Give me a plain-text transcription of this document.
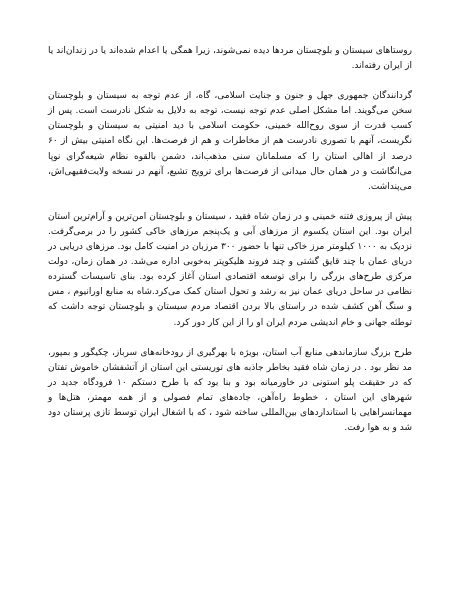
روستاهای سیستان و بلوچستان مردها دیده نمی‌شوند، زیرا همگی یا اعدام شده‌اند یا در زندان‌اند یا از ایران رفته‌اند.

گردانندگان جمهوری جهل و جنون و جنایت اسلامی، گاه، از عدم توجه به سیستان و بلوچستان سخن می‌گویند. اما مشکل اصلی عدم توجه نیست، توجه به دلایل به شکل نادرست است. پس از کسب قدرت از سوی روح‌الله خمینی، حکومت اسلامی با دید امنیتی به سیستان و بلوچستان نگریست، آنهم با تصوری نادرست هم از مخاطرات و هم از فرصت‌ها. این نگاه امنیتی بیش از ۶۰ درصد از اهالی استان را که مسلمانان سنی مذهب‌اند، دشمن بالقوه نظام شیعه‌گرای نوپا می‌انگاشت و در همان حال میدانی از فرصت‌ها برای ترویج تشیع، آنهم در نسخه ولایت‌فقیهی‌اش، می‌پنداشت.

پیش از پیروزی فتنه خمینی و در زمان شاه فقید ، سیستان و بلوچستان امن‌ترین و آرام‌ترین استان ایران بود. این استان یکسوم از مرزهای آبی و یک‌پنجم مرزهای خاکی کشور را در برمی‌گرفت. نزدیک به ۱۰۰۰ کیلومتر مرز خاکی تنها با حضور ۳۰۰ مرزبان در امنیت کامل بود. مرزهای دریایی در دریای عمان با چند قایق گشتی و چند فروند هلیکوپتر به‌خوبی اداره می‌شد. در همان زمان، دولت مرکزی طرح‌های بزرگی را برای توسعه اقتصادی استان آغاز کرده بود. بنای تاسیسات گسترده نظامی در ساحل دریای عمان نیز به رشد و تحول استان کمک می‌کرد.شاه به منابع اورانیوم ، مس و سنگ آهن کشف شده در راستای بالا بردن اقتصاد مردم سیستان و بلوچستان توجه داشت که توطئه جهانی و خام اندیشی مردم ایران او را از این کار دور کرد.

طرح بزرگ سازماندهی منابع آب استان، بویژه با بهرگیری از رودخانه‌های سرباز، چکیگور و بمپور، مد نظر بود . در زمان شاه فقید بخاطر جاذبه های توریستی این استان از آتشفشان خاموش تفتان که در حقیقت پلو استونی در خاورمیانه بود و بنا بود که با طرح دستکم ۱۰ فرودگاه جدید در شهرهای این استان ، خطوط راه‌آهن، جاده‌های تمام فصولی و از همه مهمتر، هتل‌ها و مهمانسراهایی با استانداردهای بین‌المللی ساخته شود ، که با اشغال ایران توسط تازی پرستان دود شد و به هوا رفت.
